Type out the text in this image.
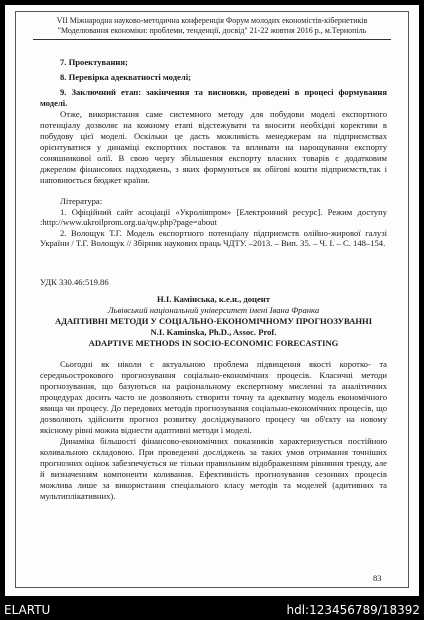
VII Міжнародна науково-методична конференція Форум молодих економістів-кібернетиків
"Моделювання економіки: проблеми, тенденції, досвід" 21-22 жовтня 2016 р., м.Тернопіль

7. Проектування;

8. Перевірка адекватності моделі;

9. Заключний етап: закінчення та висновки, проведені в процесі формування моделі.

Отже, використання саме системного методу для побудови моделі експортного потенціалу дозволяє на кожному етапі відстежувати та вносити необхідні корективи в побудову цієї моделі. Оскільки це дасть можливість менеджерам на підприємствах орієнтуватися у динаміці експортних поставок та впливати на нарощування експорту соняшникової олії. В свою чергу збільшення експорту власних товарів є додатковим джерелом фінансових надходжень, з яких формуються як обігові кошти підприємств,так і наповнюється бюджет країни.

Література:

1. Офіційний сайт асоціації «Укроліяпром» [Електронний ресурс]. Режим доступу :http://www.ukroilprom.org.ua/qw.php?page=about

2. Волощук Т.Г. Модель експортного потенціалу підприємств олійно-жирової галузі України / Т.Г. Волощук // Збірник наукових праць ЧДТУ. –2013. – Вип. 35. – Ч. І. – С. 148–154.

УДК 330.46:519.86

Н.І. Камінська, к.е.н., доцент

Львівський національний університет імені Івана Франка

АДАПТИВНІ МЕТОДИ У СОЦІАЛЬНО-ЕКОНОМІЧНОМУ ПРОГНОЗУВАННІ

N.I. Kaminska, Ph.D., Assoc. Prof.

ADAPTIVE METHODS IN SOCIO-ECONOMIC FORECASTING

Сьогодні як ніколи є актуальною проблема підвищення якості коротко- та середньострокового прогнозування соціально-економічних процесів. Класичні методи прогнозування, що базуються на раціональному експертному мисленні та аналітичних процедурах досить часто не дозволяють створити точну та адекватну модель економічного явища чи процесу. До передових методів прогнозування соціально-економічних процесів, що дозволяють здійснити прогноз розвитку досліджуваного процесу чи об'єкту на новому якісному рівні можна віднести адаптивні методи і моделі.

Динаміка більшості фінансово-економічних показників характеризується постійною коливальною складовою. При проведенні досліджень за таких умов отримання точніших прогнозних оцінок забезпечується не тільки правильним відображенням рівняння тренду, але й визначенням компоненти коливання. Ефективність прогнозування сезонних процесів можлива лише за використання спеціального класу методів та моделей (адитивних та мультиплікативних).

83
ELARTU	hdl:123456789/18392
